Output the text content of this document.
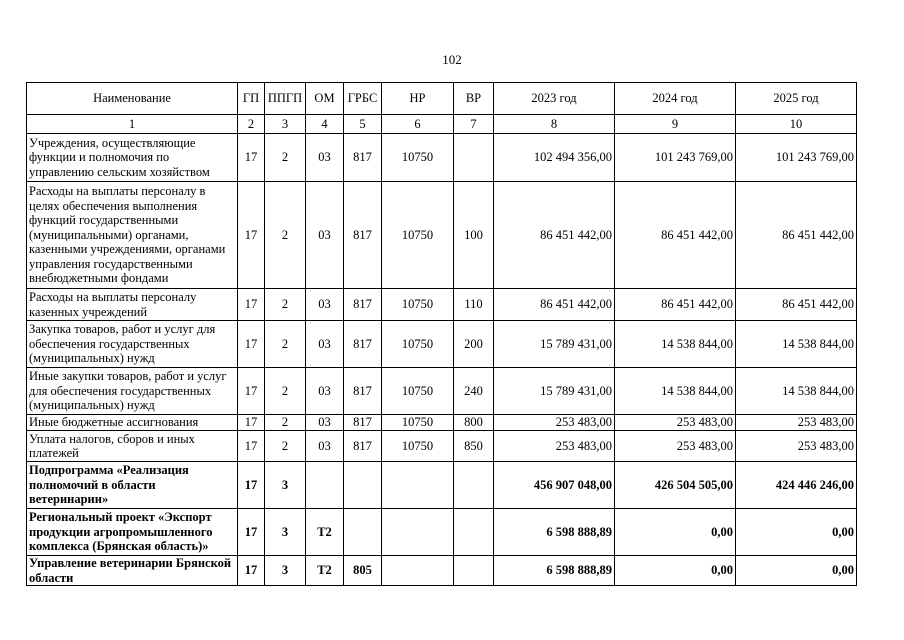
102
Наименование	ГП	ППГП	ОМ	ГРБС	НР	ВР	2023 год	2024 год	2025 год
1	2	3	4	5	6	7	8	9	10
Учреждения, осуществляющие функции и полномочия по управлению сельским хозяйством	17	2	03	817	10750		102 494 356,00	101 243 769,00	101 243 769,00
Расходы на выплаты персоналу в целях обеспечения выполнения функций государственными (муниципальными) органами, казенными учреждениями, органами управления государственными внебюджетными фондами	17	2	03	817	10750	100	86 451 442,00	86 451 442,00	86 451 442,00
Расходы на выплаты персоналу казенных учреждений	17	2	03	817	10750	110	86 451 442,00	86 451 442,00	86 451 442,00
Закупка товаров, работ и услуг для обеспечения государственных (муниципальных) нужд	17	2	03	817	10750	200	15 789 431,00	14 538 844,00	14 538 844,00
Иные закупки товаров, работ и услуг для обеспечения государственных (муниципальных) нужд	17	2	03	817	10750	240	15 789 431,00	14 538 844,00	14 538 844,00
Иные бюджетные ассигнования	17	2	03	817	10750	800	253 483,00	253 483,00	253 483,00
Уплата налогов, сборов и иных платежей	17	2	03	817	10750	850	253 483,00	253 483,00	253 483,00
Подпрограмма «Реализация полномочий в области ветеринарии»	17	3					456 907 048,00	426 504 505,00	424 446 246,00
Региональный проект «Экспорт продукции агропромышленного комплекса (Брянская область)»	17	3	Т2				6 598 888,89	0,00	0,00
Управление ветеринарии Брянской области	17	3	Т2	805			6 598 888,89	0,00	0,00
